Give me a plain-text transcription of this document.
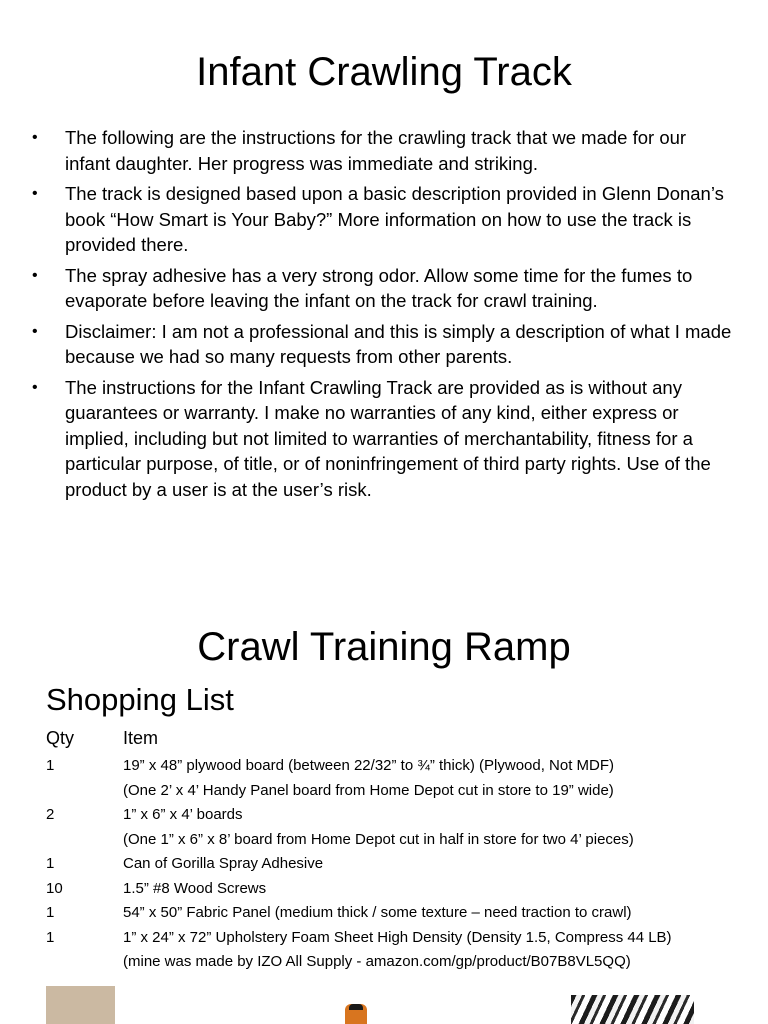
Infant Crawling Track
• The following are the instructions for the crawling track that we made for our infant daughter. Her progress was immediate and striking.
• The track is designed based upon a basic description provided in Glenn Donan’s book “How Smart is Your Baby?” More information on how to use the track is provided there.
• The spray adhesive has a very strong odor. Allow some time for the fumes to evaporate before leaving the infant on the track for crawl training.
• Disclaimer: I am not a professional and this is simply a description of what I made because we had so many requests from other parents.
• The instructions for the Infant Crawling Track are provided as is without any guarantees or warranty. I make no warranties of any kind, either express or implied, including but not limited to warranties of merchantability, fitness for a particular purpose, of title, or of noninfringement of third party rights. Use of the product by a user is at the user’s risk.
Crawl Training Ramp
Shopping List
Qty	Item
1	19” x 48” plywood board (between 22/32” to ¾” thick) (Plywood, Not MDF)
(One 2’ x 4’ Handy Panel board from Home Depot cut in store to 19” wide)
2	1” x 6” x 4’ boards
(One 1” x 6” x 8’ board from Home Depot cut in half in store for two 4’ pieces)
1	Can of Gorilla Spray Adhesive
10	1.5” #8 Wood Screws
1	54” x 50” Fabric Panel (medium thick / some texture – need traction to crawl)
1	1” x 24” x 72” Upholstery Foam Sheet High Density (Density 1.5, Compress 44 LB)
(mine was made by IZO All Supply - amazon.com/gp/product/B07B8VL5QQ)
